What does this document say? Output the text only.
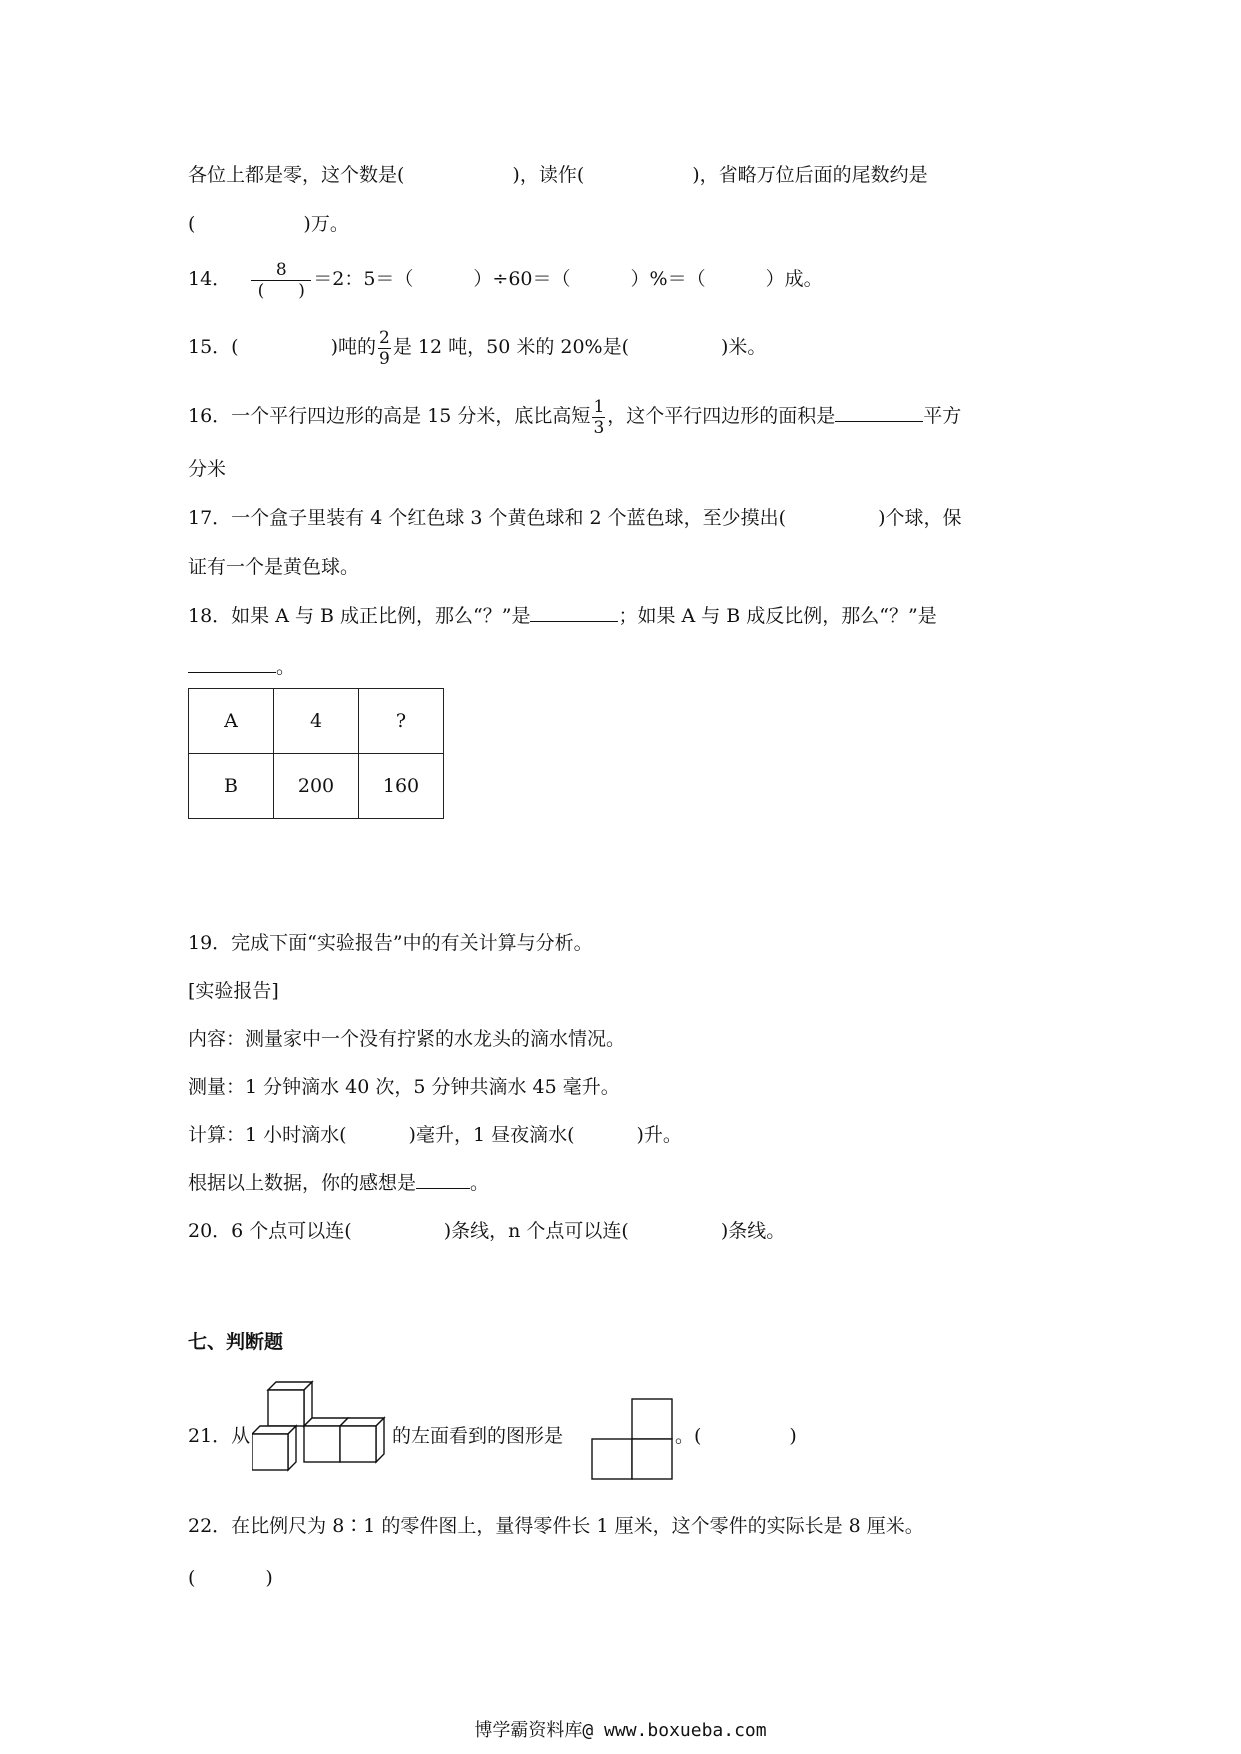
各位上都是零，这个数是(	)，读作(	)，省略万位后面的尾数约是
(	)万。
14． $\frac{8}{( )} =2$：5＝（	）÷60＝（	）%＝（	）成。
15．(	)吨的 $\frac{2}{9}$ 是 12 吨，50 米的 20%是(	)米。
16．一个平行四边形的高是 15 分米，底比高短 $\frac{1}{3}$ ，这个平行四边形的面积是	平方
分米
17．一个盒子里装有 4 个红色球 3 个黄色球和 2 个蓝色球，至少摸出(	)个球，保
证有一个是黄色球。
18．如果 A 与 B 成正比例，那么“？”是	；如果 A 与 B 成反比例，那么“？”是
。
A	4	?
B	200	160
19．完成下面“实验报告”中的有关计算与分析。
[实验报告]
内容：测量家中一个没有拧紧的水龙头的滴水情况。
测量：1 分钟滴水 40 次，5 分钟共滴水 45 毫升。
计算：1 小时滴水(	)毫升，1 昼夜滴水(	)升。
根据以上数据，你的感想是	。
20．6 个点可以连(	)条线，n 个点可以连(	)条线。
七、判断题
21．从	的左面看到的图形是	。(	)
22．在比例尺为 8∶1 的零件图上，量得零件长 1 厘米，这个零件的实际长是 8 厘米。
(	)
博学霸资料库@ www.boxueba.com
